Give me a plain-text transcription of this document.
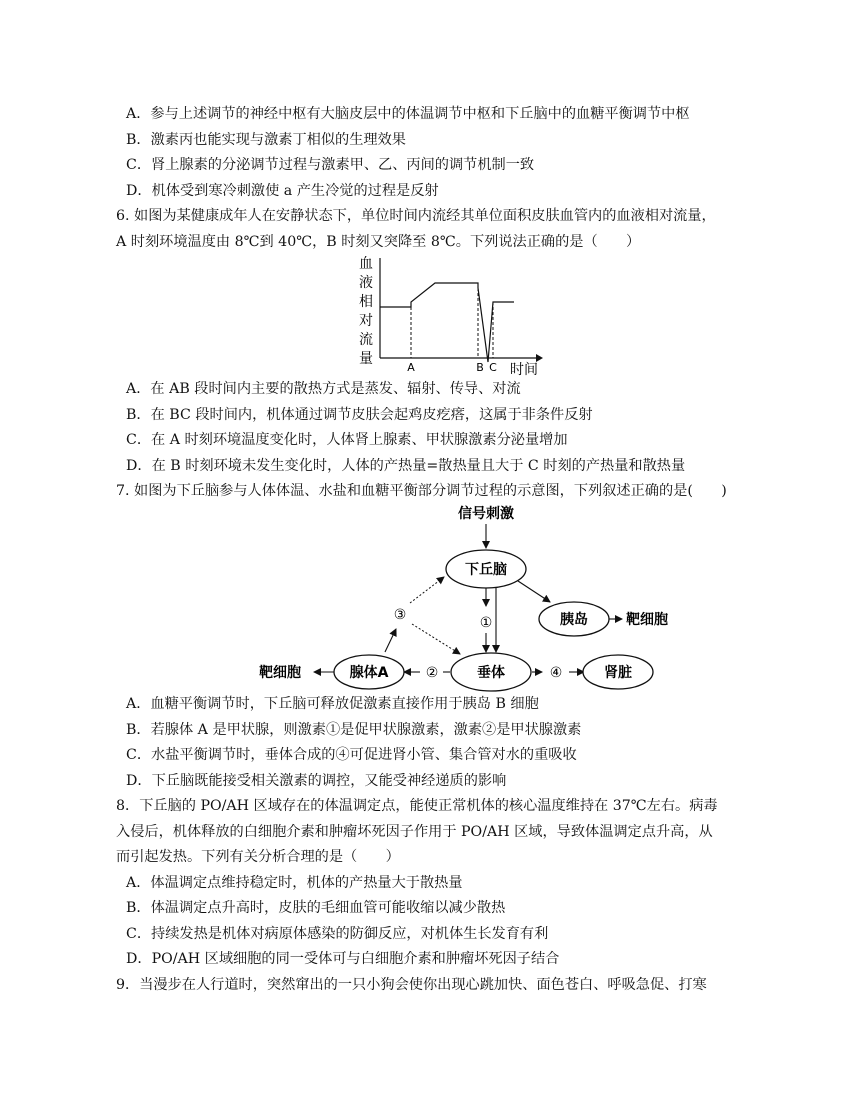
A．参与上述调节的神经中枢有大脑皮层中的体温调节中枢和下丘脑中的血糖平衡调节中枢
B．激素丙也能实现与激素丁相似的生理效果
C．肾上腺素的分泌调节过程与激素甲、乙、丙间的调节机制一致
D．机体受到寒冷刺激使 a 产生冷觉的过程是反射
6. 如图为某健康成年人在安静状态下，单位时间内流经其单位面积皮肤血管内的血液相对流量，
A 时刻环境温度由 8℃到 40℃，B 时刻又突降至 8℃。下列说法正确的是（　　）
血
液
相
对
流
量
A	B C 时间
A．在 AB 段时间内主要的散热方式是蒸发、辐射、传导、对流
B．在 BC 段时间内，机体通过调节皮肤会起鸡皮疙瘩，这属于非条件反射
C．在 A 时刻环境温度变化时，人体肾上腺素、甲状腺激素分泌量增加
D．在 B 时刻环境未发生变化时，人体的产热量=散热量且大于 C 时刻的产热量和散热量
7. 如图为下丘脑参与人体体温、水盐和血糖平衡部分调节过程的示意图，下列叙述正确的是(　　)
信号刺激
下丘脑
胰岛	靶细胞
①
垂体	④	肾脏
②
腺体A
靶细胞
③
A．血糖平衡调节时，下丘脑可释放促激素直接作用于胰岛 B 细胞
B．若腺体 A 是甲状腺，则激素①是促甲状腺激素，激素②是甲状腺激素
C．水盐平衡调节时，垂体合成的④可促进肾小管、集合管对水的重吸收
D．下丘脑既能接受相关激素的调控，又能受神经递质的影响
8．下丘脑的 PO/AH 区域存在的体温调定点，能使正常机体的核心温度维持在 37℃左右。病毒
入侵后，机体释放的白细胞介素和肿瘤坏死因子作用于 PO/AH 区域，导致体温调定点升高，从
而引起发热。下列有关分析合理的是（　　）
A．体温调定点维持稳定时，机体的产热量大于散热量
B．体温调定点升高时，皮肤的毛细血管可能收缩以减少散热
C．持续发热是机体对病原体感染的防御反应，对机体生长发育有利
D．PO/AH 区域细胞的同一受体可与白细胞介素和肿瘤坏死因子结合
9．当漫步在人行道时，突然窜出的一只小狗会使你出现心跳加快、面色苍白、呼吸急促、打寒
